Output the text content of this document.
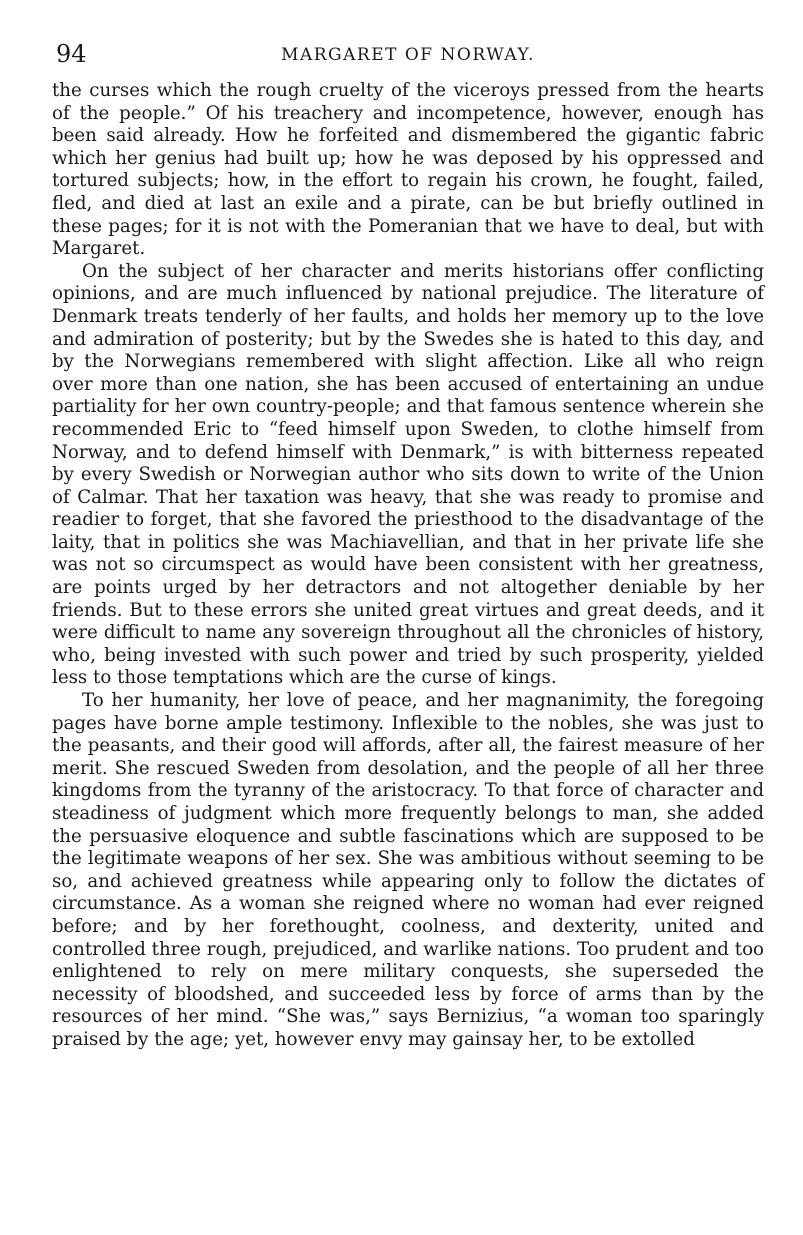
94	MARGARET OF NORWAY.

the curses which the rough cruelty of the viceroys pressed from the hearts of the people.” Of his treachery and incompetence, however, enough has been said already. How he forfeited and dismembered the gigantic fabric which her genius had built up; how he was deposed by his oppressed and tortured subjects; how, in the effort to regain his crown, he fought, failed, fled, and died at last an exile and a pirate, can be but briefly outlined in these pages; for it is not with the Pomeranian that we have to deal, but with Margaret.

On the subject of her character and merits historians offer conflicting opinions, and are much influenced by national prejudice. The literature of Denmark treats tenderly of her faults, and holds her memory up to the love and admiration of posterity; but by the Swedes she is hated to this day, and by the Norwegians remembered with slight affection. Like all who reign over more than one nation, she has been accused of entertaining an undue partiality for her own country-people; and that famous sentence wherein she recommended Eric to “feed himself upon Sweden, to clothe himself from Norway, and to defend himself with Denmark,” is with bitterness repeated by every Swedish or Norwegian author who sits down to write of the Union of Calmar. That her taxation was heavy, that she was ready to promise and readier to forget, that she favored the priesthood to the disadvantage of the laity, that in politics she was Machiavellian, and that in her private life she was not so circumspect as would have been consistent with her greatness, are points urged by her detractors and not altogether deniable by her friends. But to these errors she united great virtues and great deeds, and it were difficult to name any sovereign throughout all the chronicles of history, who, being invested with such power and tried by such prosperity, yielded less to those temptations which are the curse of kings.

To her humanity, her love of peace, and her magnanimity, the foregoing pages have borne ample testimony. Inflexible to the nobles, she was just to the peasants, and their good will affords, after all, the fairest measure of her merit. She rescued Sweden from desolation, and the people of all her three kingdoms from the tyranny of the aristocracy. To that force of character and steadiness of judgment which more frequently belongs to man, she added the persuasive eloquence and subtle fascinations which are supposed to be the legitimate weapons of her sex. She was ambitious without seeming to be so, and achieved greatness while appearing only to follow the dictates of circumstance. As a woman she reigned where no woman had ever reigned before; and by her forethought, coolness, and dexterity, united and controlled three rough, prejudiced, and warlike nations. Too prudent and too enlightened to rely on mere military conquests, she superseded the necessity of bloodshed, and succeeded less by force of arms than by the resources of her mind. “She was,” says Bernizius, “a woman too sparingly praised by the age; yet, however envy may gainsay her, to be extolled
